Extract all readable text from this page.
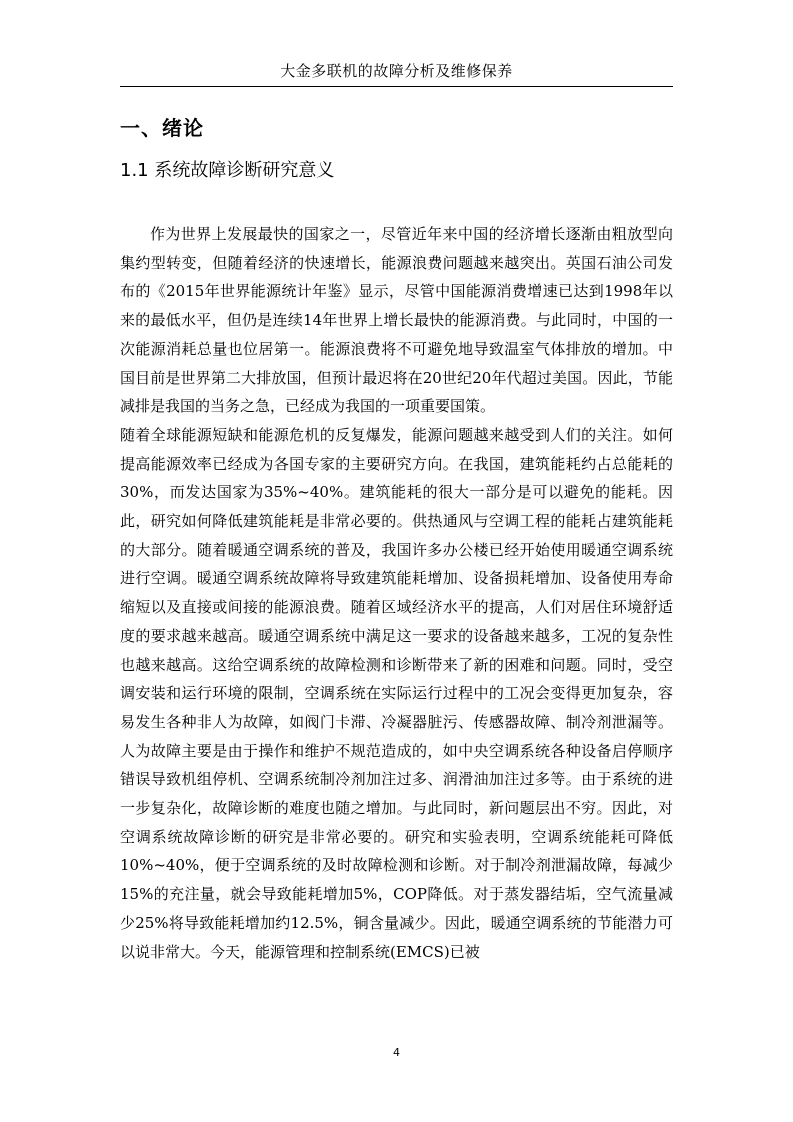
大金多联机的故障分析及维修保养
一、绪论
1.1 系统故障诊断研究意义

作为世界上发展最快的国家之一，尽管近年来中国的经济增长逐渐由粗放型向集约型转变，但随着经济的快速增长，能源浪费问题越来越突出。英国石油公司发布的《2015年世界能源统计年鉴》显示，尽管中国能源消费增速已达到1998年以来的最低水平，但仍是连续14年世界上增长最快的能源消费。与此同时，中国的一次能源消耗总量也位居第一。能源浪费将不可避免地导致温室气体排放的增加。中国目前是世界第二大排放国，但预计最迟将在20世纪20年代超过美国。因此，节能减排是我国的当务之急，已经成为我国的一项重要国策。

随着全球能源短缺和能源危机的反复爆发，能源问题越来越受到人们的关注。如何提高能源效率已经成为各国专家的主要研究方向。在我国，建筑能耗约占总能耗的30%，而发达国家为35%~40%。建筑能耗的很大一部分是可以避免的能耗。因此，研究如何降低建筑能耗是非常必要的。供热通风与空调工程的能耗占建筑能耗的大部分。随着暖通空调系统的普及，我国许多办公楼已经开始使用暖通空调系统进行空调。暖通空调系统故障将导致建筑能耗增加、设备损耗增加、设备使用寿命缩短以及直接或间接的能源浪费。随着区域经济水平的提高，人们对居住环境舒适度的要求越来越高。暖通空调系统中满足这一要求的设备越来越多，工况的复杂性也越来越高。这给空调系统的故障检测和诊断带来了新的困难和问题。同时，受空调安装和运行环境的限制，空调系统在实际运行过程中的工况会变得更加复杂，容易发生各种非人为故障，如阀门卡滞、冷凝器脏污、传感器故障、制冷剂泄漏等。人为故障主要是由于操作和维护不规范造成的，如中央空调系统各种设备启停顺序错误导致机组停机、空调系统制冷剂加注过多、润滑油加注过多等。由于系统的进一步复杂化，故障诊断的难度也随之增加。与此同时，新问题层出不穷。因此，对空调系统故障诊断的研究是非常必要的。研究和实验表明，空调系统能耗可降低10%~40%，便于空调系统的及时故障检测和诊断。对于制冷剂泄漏故障，每减少15%的充注量，就会导致能耗增加5%，COP降低。对于蒸发器结垢，空气流量减少25%将导致能耗增加约12.5%，铜含量减少。因此，暖通空调系统的节能潜力可以说非常大。今天，能源管理和控制系统(EMCS)已被

4
